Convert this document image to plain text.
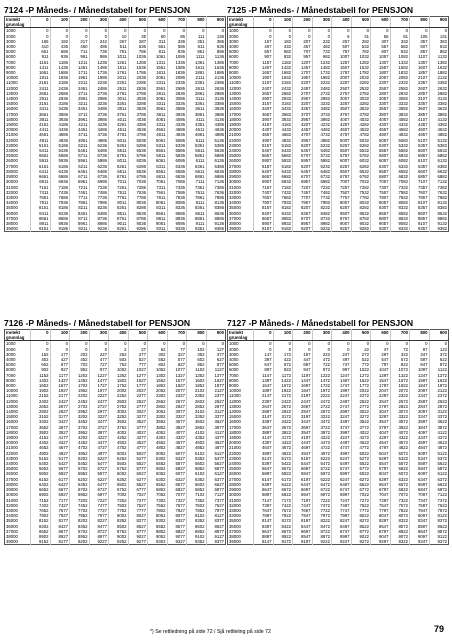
7124 -P Måneds- / Månedstabell for PENSJON
Inntekt	0	100	200	300	400	500	600	700	800	900
grunnlag										
1000	0	0	0	0	0	0	0	0	0	0
2000	0	0	0	0	10	35	60	86	111	136
3000	165	192	217	242	267	287	311	336	351	385
4000	410	435	460	486	511	536	561	586	611	636
5000	661	686	711	736	761	786	811	836	861	886
6000	911	936	961	986	1011	1036	1061	1086	1111	1136
7000	1161	1186	1211	1236	1261	1286	1311	1336	1361	1386
8000	1411	1436	1461	1486	1511	1536	1561	1586	1611	1636
9000	1661	1686	1711	1736	1761	1786	1811	1836	1861	1886
10000	1911	1936	1961	1986	2011	2036	2061	2086	2111	2136
11000	2161	2186	2211	2236	2261	2286	2311	2336	2361	2386
12000	2411	2436	2461	2486	2511	2536	2561	2586	2611	2636
13000	2661	2686	2711	2736	2761	2786	2811	2836	2861	2886
14000	2911	2936	2961	2986	3011	3036	3061	3086	3111	3136
15000	3161	3186	3211	3236	3261	3286	3311	3336	3361	3386
16000	3411	3436	3461	3486	3511	3536	3561	3586	3611	3636
17000	3661	3686	3711	3736	3761	3786	3811	3836	3861	3886
18000	3911	3936	3961	3986	4011	4036	4061	4086	4111	4136
19000	4161	4186	4211	4236	4261	4286	4311	4336	4361	4386
20000	4411	4436	4461	4486	4511	4536	4561	4586	4611	4636
21000	4661	4686	4711	4736	4761	4786	4811	4836	4861	4886
22000	4911	4936	4961	4986	5011	5036	5061	5086	5111	5136
23000	5161	5186	5211	5236	5261	5286	5311	5336	5361	5386
24000	5411	5436	5461	5486	5511	5536	5561	5586	5611	5636
25000	5661	5686	5711	5736	5761	5786	5811	5836	5861	5886
26000	5911	5936	5961	5986	6011	6036	6061	6086	6111	6136
27000	6161	6186	6211	6236	6261	6286	6311	6336	6361	6386
28000	6411	6436	6461	6486	6511	6536	6561	6586	6611	6636
29000	6661	6686	6711	6736	6761	6786	6811	6836	6861	6886
30000	6911	6936	6961	6986	7011	7036	7061	7086	7111	7136
31000	7161	7186	7211	7236	7261	7286	7311	7336	7361	7386
32000	7411	7436	7461	7486	7511	7536	7561	7586	7611	7636
33000	7661	7686	7711	7736	7761	7786	7811	7836	7861	7886
34000	7911	7936	7961	7986	8011	8036	8061	8086	8111	8136
35000	8161	8186	8211	8236	8261	8286	8311	8336	8361	8386
36000	8411	8436	8461	8486	8511	8536	8561	8586	8611	8636
37000	8661	8686	8711	8736	8761	8786	8811	8836	8861	8886
38000	8911	8936	8961	8986	9011	9036	9061	9086	9111	9136
39000	9161	9186	9211	9236	9261	9286	9311	9336	9361	9386
7125 -P Måneds- / Månedstabell for PENSJON
Inntekt	0	100	200	300	400	500	600	700	800	900
grunnlag										
1000	0	0	0	0	0	0	0	0	0	0
2000	0	0	0	0	6	31	56	81	106	131
3000	157	182	207	232	257	282	307	332	357	382
4000	407	432	457	482	507	532	557	582	607	632
5000	657	682	707	732	757	782	807	832	857	882
6000	907	932	957	982	1007	1032	1057	1082	1107	1132
7000	1157	1182	1207	1232	1257	1282	1307	1332	1357	1382
8000	1407	1432	1457	1482	1507	1532	1557	1582	1607	1632
9000	1657	1682	1707	1732	1757	1782	1807	1832	1857	1882
10000	1907	1932	1957	1982	2007	2032	2057	2082	2107	2132
11000	2157	2182	2207	2232	2257	2282	2307	2332	2357	2382
12000	2407	2432	2457	2482	2507	2532	2557	2582	2607	2632
13000	2657	2682	2707	2732	2757	2782	2807	2832	2857	2882
14000	2907	2932	2957	2982	3007	3032	3057	3082	3107	3132
15000	3157	3182	3207	3232	3257	3282	3307	3332	3357	3382
16000	3407	3432	3457	3482	3507	3532	3557	3582	3607	3632
17000	3657	3682	3707	3732	3757	3782	3807	3832	3857	3882
18000	3907	3932	3957	3982	4007	4032	4057	4082	4107	4132
19000	4157	4182	4207	4232	4257	4282	4307	4332	4357	4382
20000	4407	4432	4457	4482	4507	4532	4557	4582	4607	4632
21000	4657	4682	4707	4732	4757	4782	4807	4832	4857	4882
22000	4907	4932	4957	4982	5007	5032	5057	5082	5107	5132
23000	5157	5182	5207	5232	5257	5282	5307	5332	5357	5382
24000	5407	5432	5457	5482	5507	5532	5557	5582	5607	5632
25000	5657	5682	5707	5732	5757	5782	5807	5832	5857	5882
26000	5907	5932	5957	5982	6007	6032	6057	6082	6107	6132
27000	6157	6182	6207	6232	6257	6282	6307	6332	6357	6382
28000	6407	6432	6457	6482	6507	6532	6557	6582	6607	6632
29000	6657	6682	6707	6732	6757	6782	6807	6832	6857	6882
30000	6907	6932	6957	6982	7007	7032	7057	7082	7107	7132
31000	7157	7182	7207	7232	7257	7282	7307	7332	7357	7382
32000	7407	7432	7457	7482	7507	7532	7557	7582	7607	7632
33000	7657	7682	7707	7732	7757	7782	7807	7832	7857	7882
34000	7907	7932	7957	7982	8007	8032	8057	8082	8107	8132
35000	8157	8182	8207	8232	8257	8282	8307	8332	8357	8382
36000	8407	8432	8457	8482	8507	8532	8557	8582	8607	8632
37000	8657	8682	8707	8732	8757	8782	8807	8832	8857	8882
38000	8907	8932	8957	8982	9007	9032	9057	9082	9107	9132
39000	9157	9182	9207	9232	9257	9282	9307	9332	9357	9382
7126 -P Måneds- / Månedstabell for PENSJON
Inntekt	0	100	200	300	400	500	600	700	800	900
grunnlag										
1000	0	0	0	0	0	0	0	0	0	0
2000	0	0	0	0	2	27	52	77	102	127
3000	152	177	202	227	252	277	302	327	352	377
4000	402	427	452	477	502	527	552	577	602	627
5000	652	677	702	727	752	777	802	827	852	877
6000	902	927	952	977	1002	1027	1052	1077	1102	1127
7000	1152	1177	1202	1227	1252	1277	1302	1327	1352	1377
8000	1402	1427	1452	1477	1502	1527	1552	1577	1602	1627
9000	1652	1677	1702	1727	1752	1777	1802	1827	1852	1877
10000	1902	1927	1952	1977	2002	2027	2052	2077	2102	2127
11000	2152	2177	2202	2227	2252	2277	2302	2327	2352	2377
12000	2402	2427	2452	2477	2502	2527	2552	2577	2602	2627
13000	2652	2677	2702	2727	2752	2777	2802	2827	2852	2877
14000	2902	2927	2952	2977	3002	3027	3052	3077	3102	3127
15000	3152	3177	3202	3227	3252	3277	3302	3327	3352	3377
16000	3402	3427	3452	3477	3502	3527	3552	3577	3602	3627
17000	3652	3677	3702	3727	3752	3777	3802	3827	3852	3877
18000	3902	3927	3952	3977	4002	4027	4052	4077	4102	4127
19000	4152	4177	4202	4227	4252	4277	4302	4327	4352	4377
20000	4402	4427	4452	4477	4502	4527	4552	4577	4602	4627
21000	4652	4677	4702	4727	4752	4777	4802	4827	4852	4877
22000	4902	4927	4952	4977	5002	5027	5052	5077	5102	5127
23000	5152	5177	5202	5227	5252	5277	5302	5327	5352	5377
24000	5402	5427	5452	5477	5502	5527	5552	5577	5602	5627
25000	5652	5677	5702	5727	5752	5777	5802	5827	5852	5877
26000	5902	5927	5952	5977	6002	6027	6052	6077	6102	6127
27000	6152	6177	6202	6227	6252	6277	6302	6327	6352	6377
28000	6402	6427	6452	6477	6502	6527	6552	6577	6602	6627
29000	6652	6677	6702	6727	6752	6777	6802	6827	6852	6877
30000	6902	6927	6952	6977	7002	7027	7052	7077	7102	7127
31000	7152	7177	7202	7227	7252	7277	7302	7327	7352	7377
32000	7402	7427	7452	7477	7502	7527	7552	7577	7602	7627
33000	7652	7677	7702	7727	7752	7777	7802	7827	7852	7877
34000	7902	7927	7952	7977	8002	8027	8052	8077	8102	8127
35000	8152	8177	8202	8227	8252	8277	8302	8327	8352	8377
36000	8402	8427	8452	8477	8502	8527	8552	8577	8602	8627
37000	8652	8677	8702	8727	8752	8777	8802	8827	8852	8877
38000	8902	8927	8952	8977	9002	9027	9052	9077	9102	9127
39000	9152	9177	9202	9227	9252	9277	9302	9327	9352	9377
7127 -P Måneds- / Månedstabell for PENSJON
Inntekt	0	100	200	300	400	500	600	700	800	900
grunnlag										
1000	0	0	0	0	0	0	0	0	0	0
2000	0	0	0	0	0	22	47	72	97	122
3000	147	172	197	222	247	272	297	322	347	372
4000	397	422	447	472	497	522	547	572	597	622
5000	647	672	697	722	747	772	797	822	847	872
6000	897	922	947	972	997	1022	1047	1072	1097	1122
7000	1147	1172	1197	1222	1247	1272	1297	1322	1347	1372
8000	1397	1422	1447	1472	1497	1522	1547	1572	1597	1622
9000	1647	1672	1697	1722	1747	1772	1797	1822	1847	1872
10000	1897	1922	1947	1972	1997	2022	2047	2072	2097	2122
11000	2147	2172	2197	2222	2247	2272	2297	2322	2347	2372
12000	2397	2422	2447	2472	2497	2522	2547	2572	2597	2622
13000	2647	2672	2697	2722	2747	2772	2797	2822	2847	2872
14000	2897	2922	2947	2972	2997	3022	3047	3072	3097	3122
15000	3147	3172	3197	3222	3247	3272	3297	3322	3347	3372
16000	3397	3422	3447	3472	3497	3522	3547	3572	3597	3622
17000	3647	3672	3697	3722	3747	3772	3797	3822	3847	3872
18000	3897	3922	3947	3972	3997	4022	4047	4072	4097	4122
19000	4147	4172	4197	4222	4247	4272	4297	4322	4347	4372
20000	4397	4422	4447	4472	4497	4522	4547	4572	4597	4622
21000	4647	4672	4697	4722	4747	4772	4797	4822	4847	4872
22000	4897	4922	4947	4972	4997	5022	5047	5072	5097	5122
23000	5147	5172	5197	5222	5247	5272	5297	5322	5347	5372
24000	5397	5422	5447	5472	5497	5522	5547	5572	5597	5622
25000	5647	5672	5697	5722	5747	5772	5797	5822	5847	5872
26000	5897	5922	5947	5972	5997	6022	6047	6072	6097	6122
27000	6147	6172	6197	6222	6247	6272	6297	6322	6347	6372
28000	6397	6422	6447	6472	6497	6522	6547	6572	6597	6622
29000	6647	6672	6697	6722	6747	6772	6797	6822	6847	6872
30000	6897	6922	6947	6972	6997	7022	7047	7072	7097	7122
31000	7147	7172	7197	7222	7247	7272	7297	7322	7347	7372
32000	7397	7422	7447	7472	7497	7522	7547	7572	7597	7622
33000	7647	7672	7697	7722	7747	7772	7797	7822	7847	7872
34000	7897	7922	7947	7972	7997	8022	8047	8072	8097	8122
35000	8147	8172	8197	8222	8247	8272	8297	8322	8347	8372
36000	8397	8422	8447	8472	8497	8522	8547	8572	8597	8622
37000	8647	8672	8697	8722	8747	8772	8797	8822	8847	8872
38000	8897	8922	8947	8972	8997	9022	9047	9072	9097	9122
39000	9147	9172	9197	9222	9247	9272	9297	9322	9347	9372
*) Se rettledning på side 72 / Sjå rettleiing på side 72	79
